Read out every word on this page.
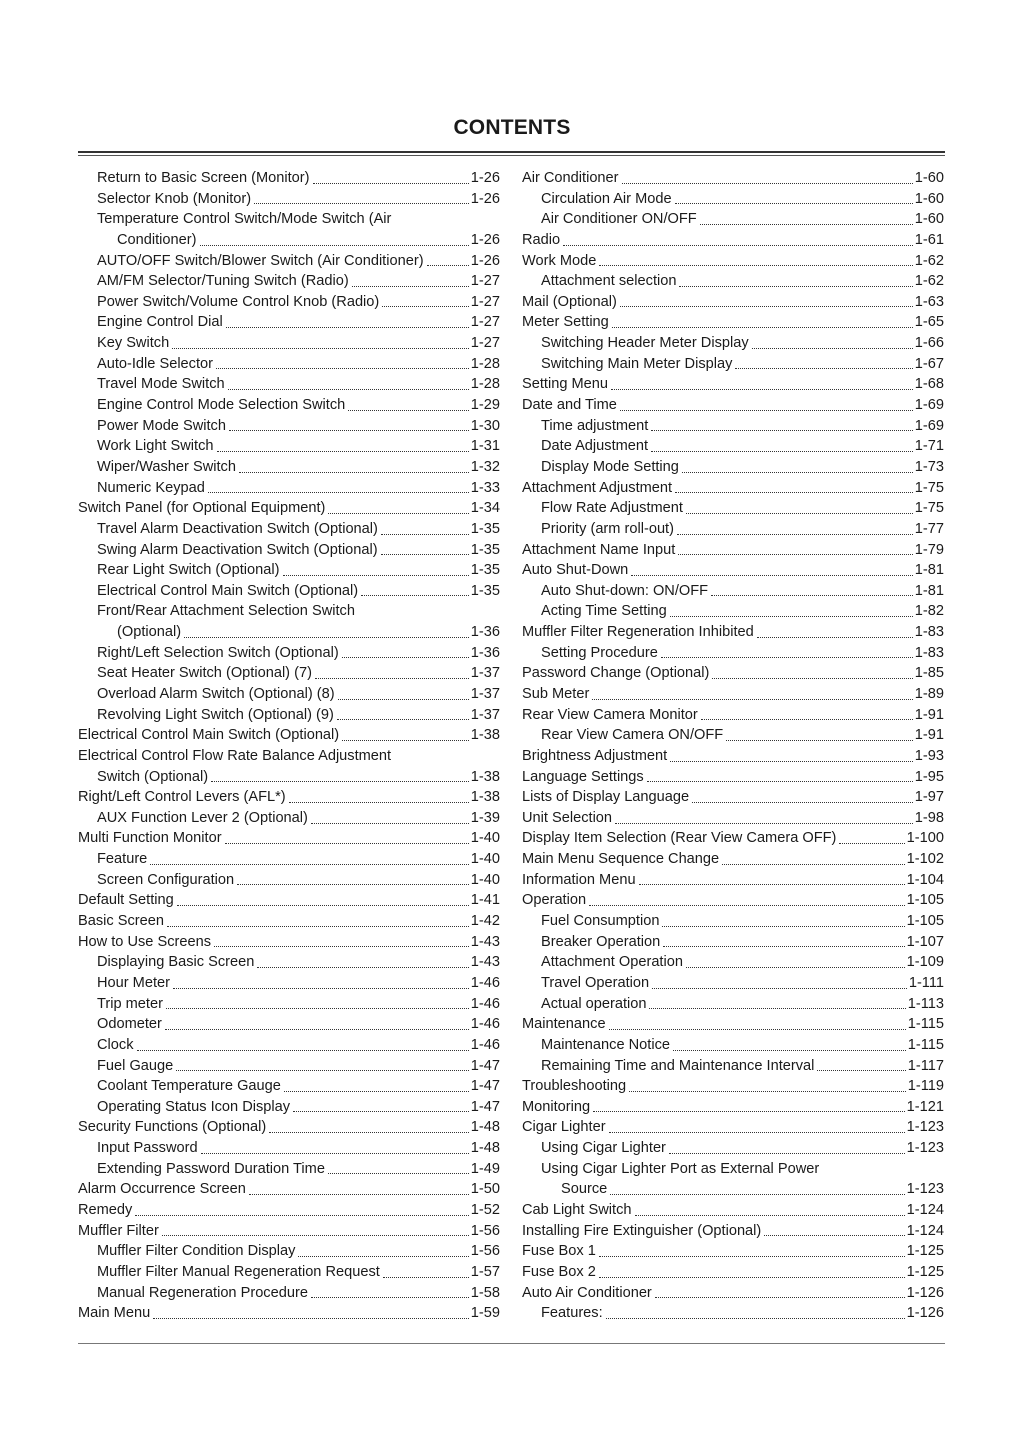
CONTENTS
Return to Basic Screen (Monitor)	1-26
Selector Knob (Monitor)	1-26
Temperature Control Switch/Mode Switch (Air
Conditioner)	1-26
AUTO/OFF Switch/Blower Switch (Air Conditioner)	1-26
AM/FM Selector/Tuning Switch (Radio)	1-27
Power Switch/Volume Control Knob (Radio)	1-27
Engine Control Dial	1-27
Key Switch	1-27
Auto-Idle Selector	1-28
Travel Mode Switch	1-28
Engine Control Mode Selection Switch	1-29
Power Mode Switch	1-30
Work Light Switch	1-31
Wiper/Washer Switch	1-32
Numeric Keypad	1-33
Switch Panel (for Optional Equipment)	1-34
Travel Alarm Deactivation Switch (Optional)	1-35
Swing Alarm Deactivation Switch (Optional)	1-35
Rear Light Switch (Optional)	1-35
Electrical Control Main Switch (Optional)	1-35
Front/Rear Attachment Selection Switch
(Optional)	1-36
Right/Left Selection Switch (Optional)	1-36
Seat Heater Switch (Optional) (7)	1-37
Overload Alarm Switch (Optional) (8)	1-37
Revolving Light Switch (Optional) (9)	1-37
Electrical Control Main Switch (Optional)	1-38
Electrical Control Flow Rate Balance Adjustment
Switch (Optional)	1-38
Right/Left Control Levers (AFL*)	1-38
AUX Function Lever 2 (Optional)	1-39
Multi Function Monitor	1-40
Feature	1-40
Screen Configuration	1-40
Default Setting	1-41
Basic Screen	1-42
How to Use Screens	1-43
Displaying Basic Screen	1-43
Hour Meter	1-46
Trip meter	1-46
Odometer	1-46
Clock	1-46
Fuel Gauge	1-47
Coolant Temperature Gauge	1-47
Operating Status Icon Display	1-47
Security Functions (Optional)	1-48
Input Password	1-48
Extending Password Duration Time	1-49
Alarm Occurrence Screen	1-50
Remedy	1-52
Muffler Filter	1-56
Muffler Filter Condition Display	1-56
Muffler Filter Manual Regeneration Request	1-57
Manual Regeneration Procedure	1-58
Main Menu	1-59
Air Conditioner	1-60
Circulation Air Mode	1-60
Air Conditioner ON/OFF	1-60
Radio	1-61
Work Mode	1-62
Attachment selection	1-62
Mail (Optional)	1-63
Meter Setting	1-65
Switching Header Meter Display	1-66
Switching Main Meter Display	1-67
Setting Menu	1-68
Date and Time	1-69
Time adjustment	1-69
Date Adjustment	1-71
Display Mode Setting	1-73
Attachment Adjustment	1-75
Flow Rate Adjustment	1-75
Priority (arm roll-out)	1-77
Attachment Name Input	1-79
Auto Shut-Down	1-81
Auto Shut-down: ON/OFF	1-81
Acting Time Setting	1-82
Muffler Filter Regeneration Inhibited	1-83
Setting Procedure	1-83
Password Change (Optional)	1-85
Sub Meter	1-89
Rear View Camera Monitor	1-91
Rear View Camera ON/OFF	1-91
Brightness Adjustment	1-93
Language Settings	1-95
Lists of Display Language	1-97
Unit Selection	1-98
Display Item Selection (Rear View Camera OFF)	1-100
Main Menu Sequence Change	1-102
Information Menu	1-104
Operation	1-105
Fuel Consumption	1-105
Breaker Operation	1-107
Attachment Operation	1-109
Travel Operation	1-111
Actual operation	1-113
Maintenance	1-115
Maintenance Notice	1-115
Remaining Time and Maintenance Interval	1-117
Troubleshooting	1-119
Monitoring	1-121
Cigar Lighter	1-123
Using Cigar Lighter	1-123
Using Cigar Lighter Port as External Power
Source	1-123
Cab Light Switch	1-124
Installing Fire Extinguisher (Optional)	1-124
Fuse Box 1	1-125
Fuse Box 2	1-125
Auto Air Conditioner	1-126
Features:	1-126
